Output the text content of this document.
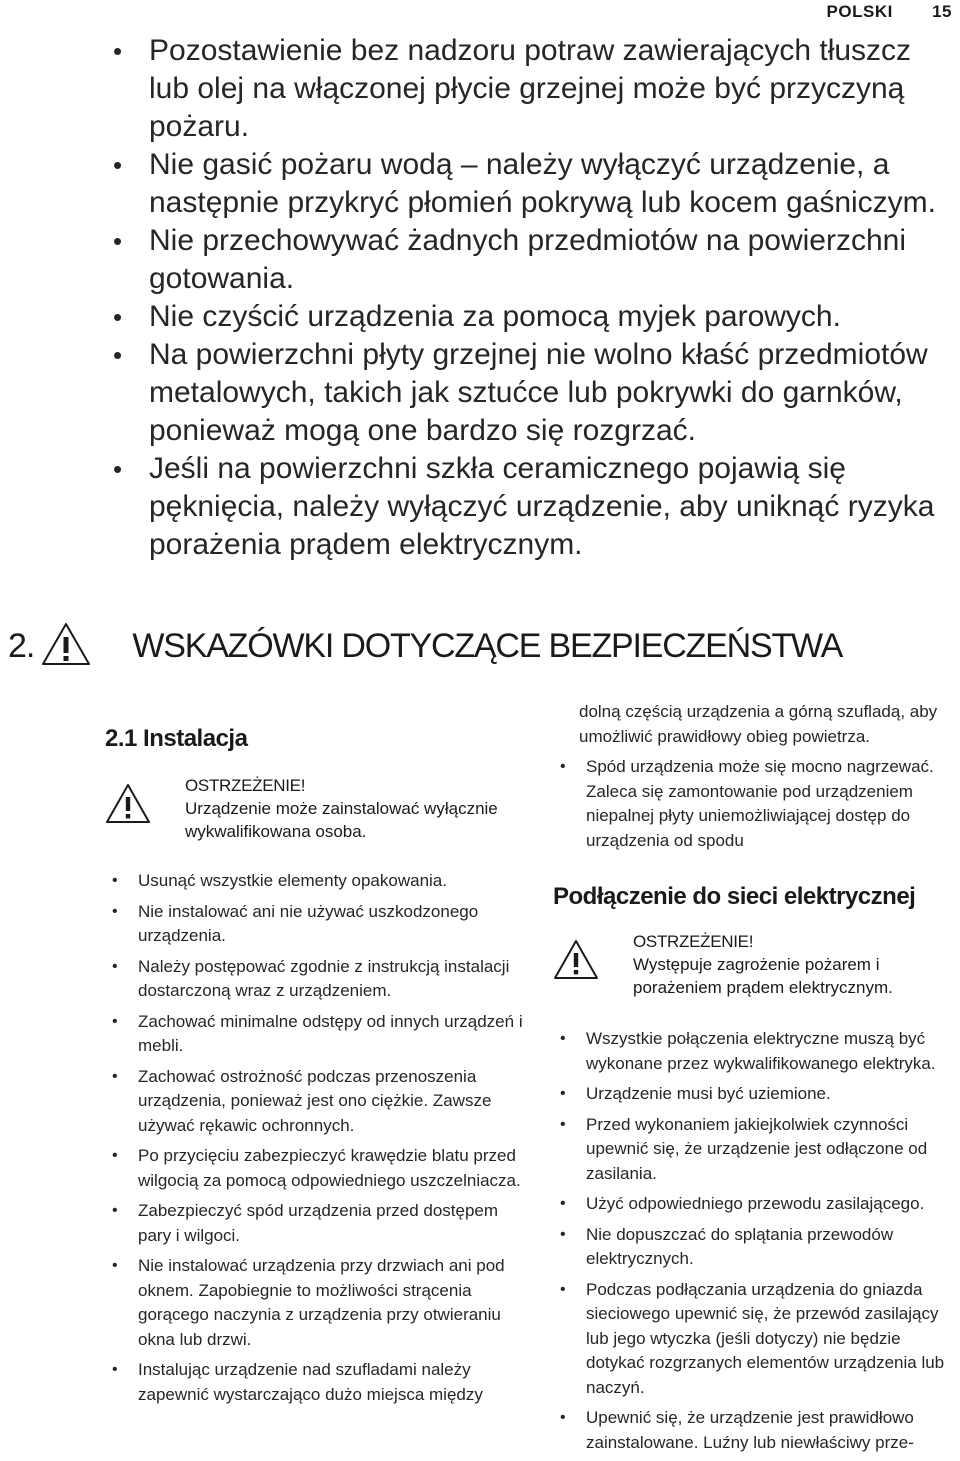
POLSKI 15
• Pozostawienie bez nadzoru potraw zawierających tłuszcz lub olej na włączonej płycie grzejnej może być przyczyną pożaru.
• Nie gasić pożaru wodą – należy wyłączyć urządzenie, a następnie przykryć płomień pokrywą lub kocem gaśniczym.
• Nie przechowywać żadnych przedmiotów na powierzchni gotowania.
• Nie czyścić urządzenia za pomocą myjek parowych.
• Na powierzchni płyty grzejnej nie wolno kłaść przedmiotów metalowych, takich jak sztućce lub pokrywki do garnków, ponieważ mogą one bardzo się rozgrzać.
• Jeśli na powierzchni szkła ceramicznego pojawią się pęknięcia, należy wyłączyć urządzenie, aby uniknąć ryzyka porażenia prądem elektrycznym.
2.	WSKAZÓWKI DOTYCZĄCE BEZPIECZEŃSTWA
2.1 Instalacja
OSTRZEŻENIE!
Urządzenie może zainstalować wyłącznie wykwalifikowana osoba.
• Usunąć wszystkie elementy opakowania.
• Nie instalować ani nie używać uszkodzonego urządzenia.
• Należy postępować zgodnie z instrukcją instalacji dostarczoną wraz z urządzeniem.
• Zachować minimalne odstępy od innych urządzeń i mebli.
• Zachować ostrożność podczas przenoszenia urządzenia, ponieważ jest ono ciężkie. Zawsze używać rękawic ochronnych.
• Po przycięciu zabezpieczyć krawędzie blatu przed wilgocią za pomocą odpowiedniego uszczelniacza.
• Zabezpieczyć spód urządzenia przed dostępem pary i wilgoci.
• Nie instalować urządzenia przy drzwiach ani pod oknem. Zapobiegnie to możliwości strącenia gorącego naczynia z urządzenia przy otwieraniu okna lub drzwi.
• Instalując urządzenie nad szufladami należy zapewnić wystarczająco dużo miejsca między

dolną częścią urządzenia a górną szufladą, aby umożliwić prawidłowy obieg powietrza.

• Spód urządzenia może się mocno nagrzewać. Zaleca się zamontowanie pod urządzeniem niepalnej płyty uniemożliwiającej dostęp do urządzenia od spodu
Podłączenie do sieci elektrycznej
OSTRZEŻENIE!
Występuje zagrożenie pożarem i porażeniem prądem elektrycznym.
• Wszystkie połączenia elektryczne muszą być wykonane przez wykwalifikowanego elektryka.
• Urządzenie musi być uziemione.
• Przed wykonaniem jakiejkolwiek czynności upewnić się, że urządzenie jest odłączone od zasilania.
• Użyć odpowiedniego przewodu zasilającego.
• Nie dopuszczać do splątania przewodów elektrycznych.
• Podczas podłączania urządzenia do gniazda sieciowego upewnić się, że przewód zasilający lub jego wtyczka (jeśli dotyczy) nie będzie dotykać rozgrzanych elementów urządzenia lub naczyń.
• Upewnić się, że urządzenie jest prawidłowo zainstalowane. Luźny lub niewłaściwy prze-
